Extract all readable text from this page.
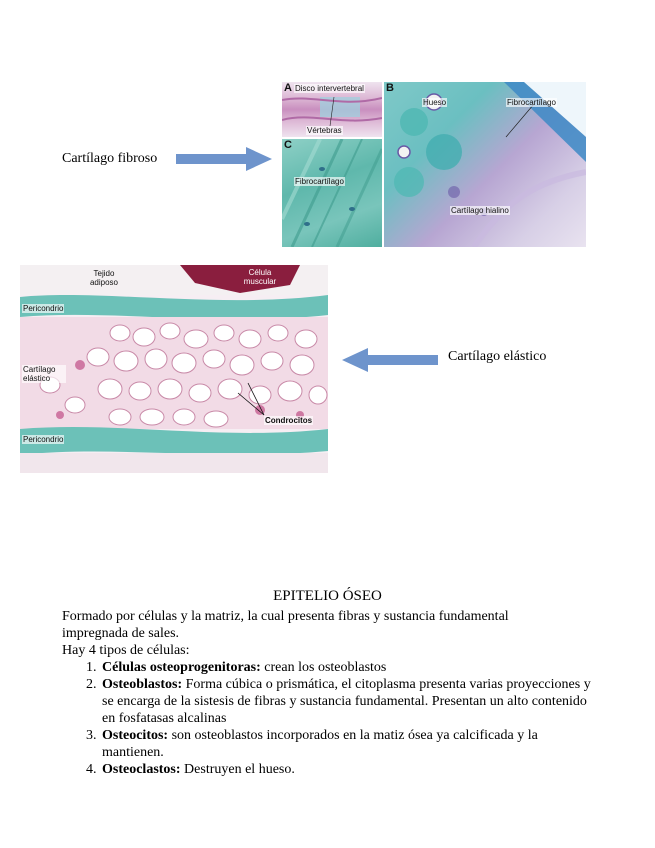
Cartílago fibroso
A Disco intervertebral
Vértebras
C
Fibrocartílago
B
Hueso	Fibrocartílago
Cartílago hialino
Tejido adiposo
Célula muscular
Pericondrio
Cartílago elástico
Condrocitos
Pericondrio
Cartílago elástico
EPITELIO ÓSEO
Formado por células y la matriz, la cual presenta fibras y sustancia fundamental
impregnada de sales.
Hay 4 tipos de células:
1. Células osteoprogenitoras: crean los osteoblastos
2. Osteoblastos: Forma cúbica o prismática, el citoplasma presenta varias proyecciones y se encarga de la sistesis de fibras y sustancia fundamental. Presentan un alto contenido en fosfatasas alcalinas
3. Osteocitos: son osteoblastos incorporados en la matiz ósea ya calcificada y la mantienen.
4. Osteoclastos: Destruyen el hueso.
